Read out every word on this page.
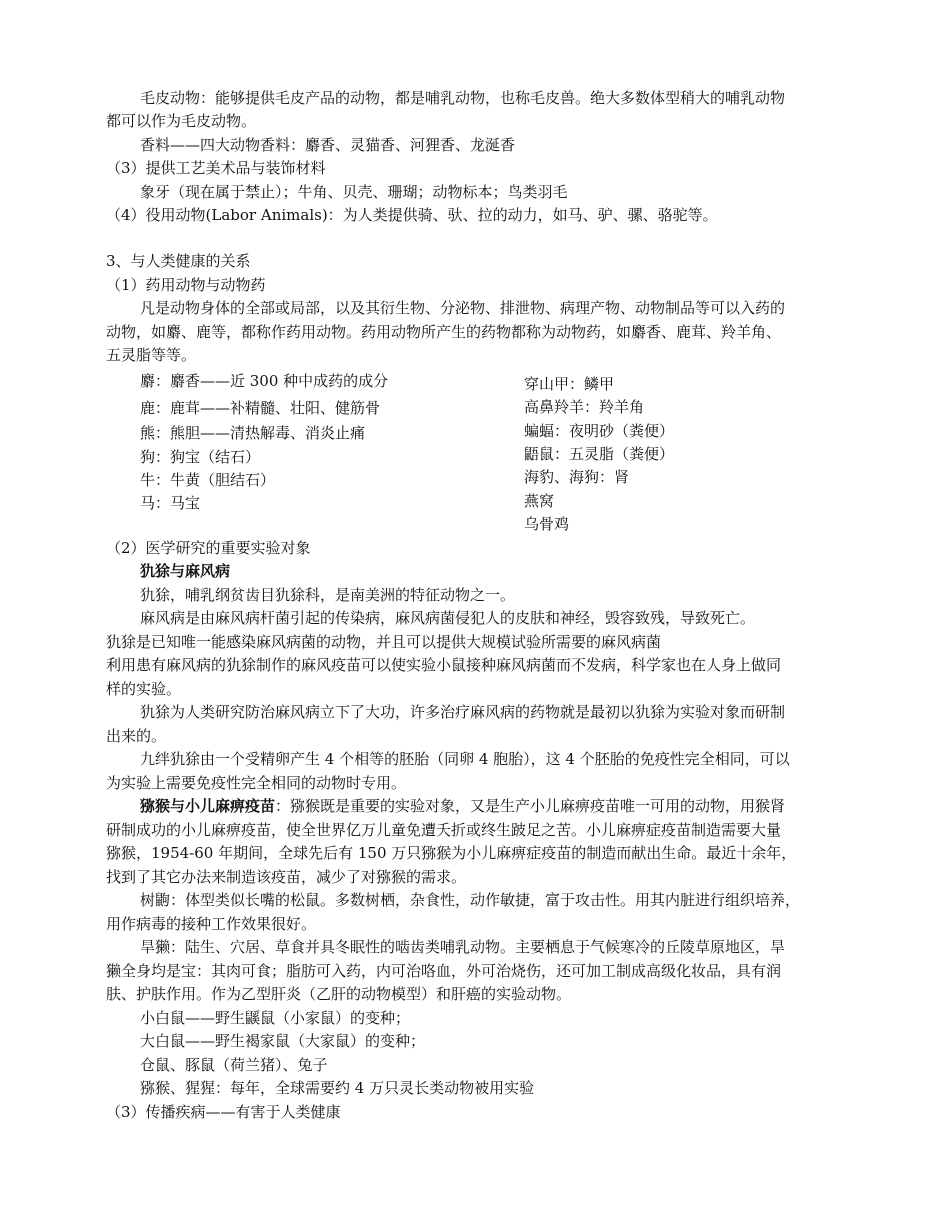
毛皮动物：能够提供毛皮产品的动物，都是哺乳动物，也称毛皮兽。绝大多数体型稍大的哺乳动物
都可以作为毛皮动物。
香料——四大动物香料：麝香、灵猫香、河狸香、龙涎香
（3）提供工艺美术品与装饰材料
象牙（现在属于禁止）；牛角、贝壳、珊瑚；动物标本；鸟类羽毛
（4）役用动物(Labor Animals)：为人类提供骑、驮、拉的动力，如马、驴、骡、骆驼等。
3、与人类健康的关系
（1）药用动物与动物药
凡是动物身体的全部或局部，以及其衍生物、分泌物、排泄物、病理产物、动物制品等可以入药的
动物，如麝、鹿等，都称作药用动物。药用动物所产生的药物都称为动物药，如麝香、鹿茸、羚羊角、
五灵脂等等。
麝：麝香——近 300 种中成药的成分
鹿：鹿茸——补精髓、壮阳、健筋骨
熊：熊胆——清热解毒、消炎止痛
狗：狗宝（结石）
牛：牛黄（胆结石）
马：马宝
穿山甲：鳞甲
高鼻羚羊：羚羊角
蝙蝠：夜明砂（粪便）
鼯鼠：五灵脂（粪便）
海豹、海狗：肾
燕窝
乌骨鸡
（2）医学研究的重要实验对象
犰狳与麻风病
犰狳，哺乳纲贫齿目犰狳科，是南美洲的特征动物之一。
麻风病是由麻风病杆菌引起的传染病，麻风病菌侵犯人的皮肤和神经，毁容致残，导致死亡。
犰狳是已知唯一能感染麻风病菌的动物，并且可以提供大规模试验所需要的麻风病菌
利用患有麻风病的犰狳制作的麻风疫苗可以使实验小鼠接种麻风病菌而不发病，科学家也在人身上做同
样的实验。
犰狳为人类研究防治麻风病立下了大功，许多治疗麻风病的药物就是最初以犰狳为实验对象而研制
出来的。
九绊犰狳由一个受精卵产生 4 个相等的胚胎（同卵 4 胞胎），这 4 个胚胎的免疫性完全相同，可以
为实验上需要免疫性完全相同的动物时专用。
猕猴与小儿麻痹疫苗：猕猴既是重要的实验对象，又是生产小儿麻痹疫苗唯一可用的动物，用猴肾
研制成功的小儿麻痹疫苗，使全世界亿万儿童免遭夭折或终生跛足之苦。小儿麻痹症疫苗制造需要大量
猕猴，1954-60 年期间，全球先后有 150 万只猕猴为小儿麻痹症疫苗的制造而献出生命。最近十余年，
找到了其它办法来制造该疫苗，减少了对猕猴的需求。
树鼩：体型类似长嘴的松鼠。多数树栖，杂食性，动作敏捷，富于攻击性。用其内脏进行组织培养，
用作病毒的接种工作效果很好。
旱獭：陆生、穴居、草食并具冬眠性的啮齿类哺乳动物。主要栖息于气候寒冷的丘陵草原地区，旱
獭全身均是宝：其肉可食；脂肪可入药，内可治咯血，外可治烧伤，还可加工制成高级化妆品，具有润
肤、护肤作用。作为乙型肝炎（乙肝的动物模型）和肝癌的实验动物。
小白鼠——野生鼷鼠（小家鼠）的变种；
大白鼠——野生褐家鼠（大家鼠）的变种；
仓鼠、豚鼠（荷兰猪）、兔子
猕猴、猩猩：每年，全球需要约 4 万只灵长类动物被用实验
（3）传播疾病——有害于人类健康
